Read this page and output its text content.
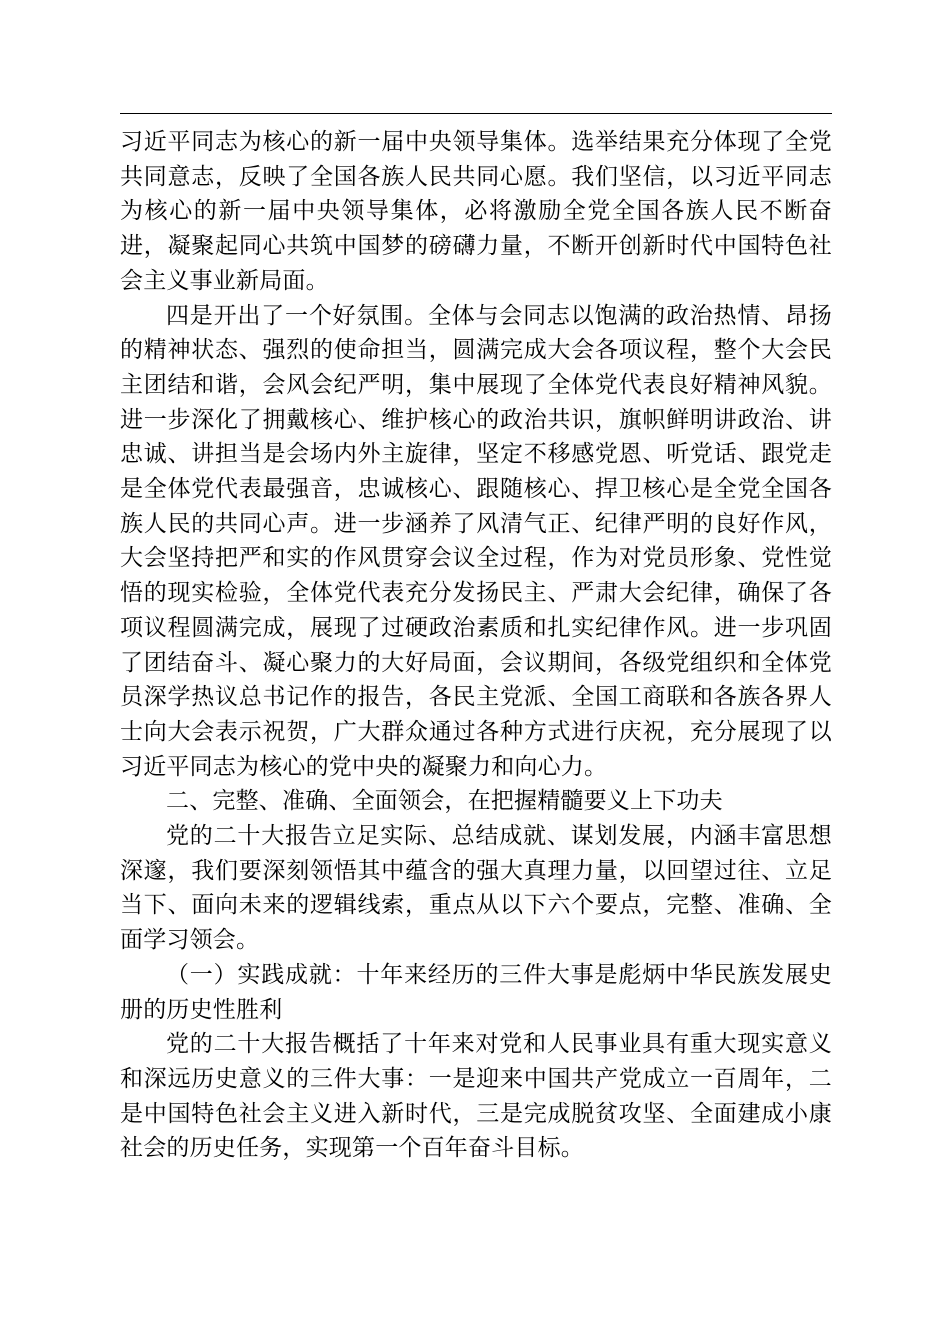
习近平同志为核心的新一届中央领导集体。选举结果充分体现了全党共同意志，反映了全国各族人民共同心愿。我们坚信，以习近平同志为核心的新一届中央领导集体，必将激励全党全国各族人民不断奋进，凝聚起同心共筑中国梦的磅礴力量，不断开创新时代中国特色社会主义事业新局面。

四是开出了一个好氛围。全体与会同志以饱满的政治热情、昂扬的精神状态、强烈的使命担当，圆满完成大会各项议程，整个大会民主团结和谐，会风会纪严明，集中展现了全体党代表良好精神风貌。进一步深化了拥戴核心、维护核心的政治共识，旗帜鲜明讲政治、讲忠诚、讲担当是会场内外主旋律，坚定不移感党恩、听党话、跟党走是全体党代表最强音，忠诚核心、跟随核心、捍卫核心是全党全国各族人民的共同心声。进一步涵养了风清气正、纪律严明的良好作风，大会坚持把严和实的作风贯穿会议全过程，作为对党员形象、党性觉悟的现实检验，全体党代表充分发扬民主、严肃大会纪律，确保了各项议程圆满完成，展现了过硬政治素质和扎实纪律作风。进一步巩固了团结奋斗、凝心聚力的大好局面，会议期间，各级党组织和全体党员深学热议总书记作的报告，各民主党派、全国工商联和各族各界人士向大会表示祝贺，广大群众通过各种方式进行庆祝，充分展现了以习近平同志为核心的党中央的凝聚力和向心力。

二、完整、准确、全面领会，在把握精髓要义上下功夫

党的二十大报告立足实际、总结成就、谋划发展，内涵丰富思想深邃，我们要深刻领悟其中蕴含的强大真理力量，以回望过往、立足当下、面向未来的逻辑线索，重点从以下六个要点，完整、准确、全面学习领会。

（一）实践成就：十年来经历的三件大事是彪炳中华民族发展史册的历史性胜利

党的二十大报告概括了十年来对党和人民事业具有重大现实意义和深远历史意义的三件大事：一是迎来中国共产党成立一百周年，二是中国特色社会主义进入新时代，三是完成脱贫攻坚、全面建成小康社会的历史任务，实现第一个百年奋斗目标。
